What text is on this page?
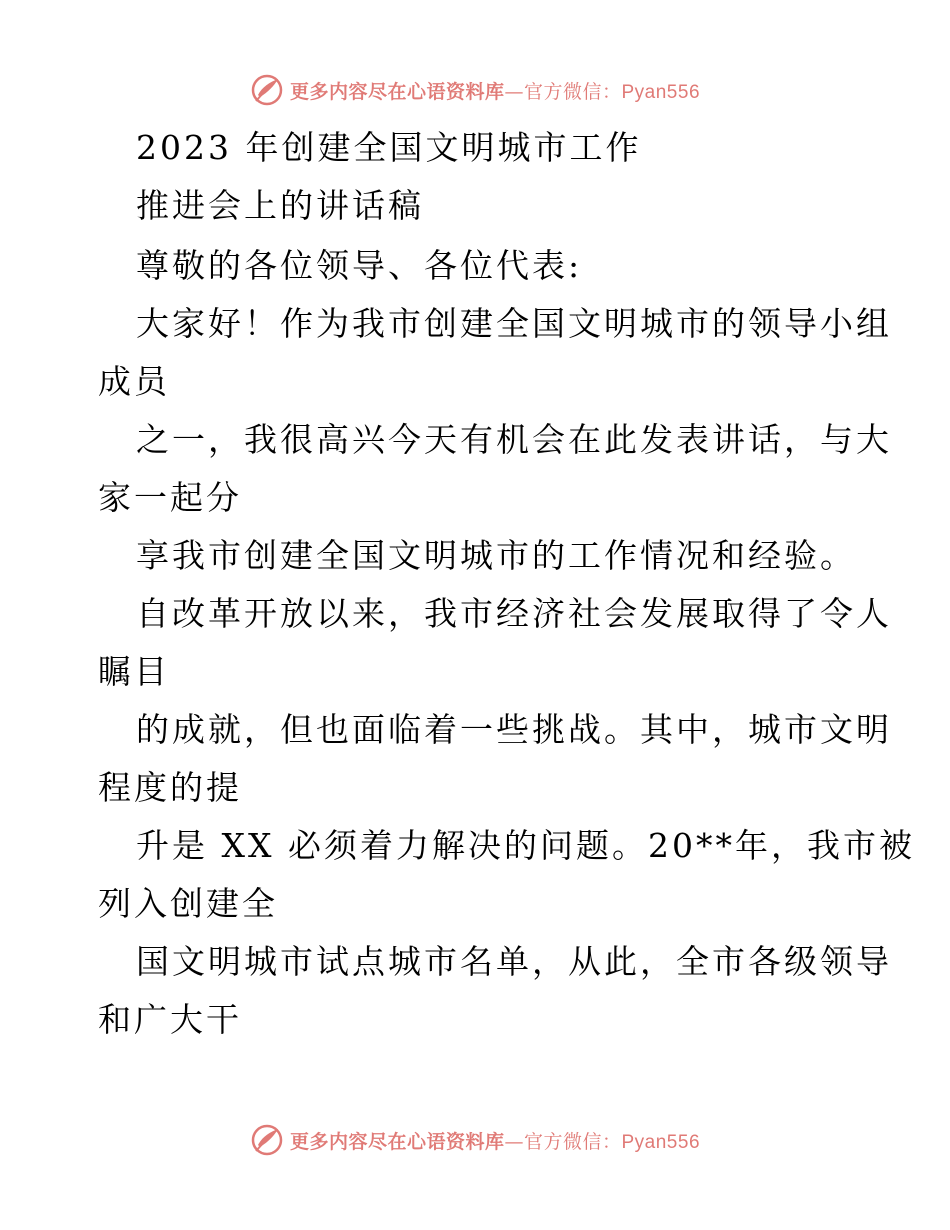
更多内容尽在心语资料库—官方微信：Pyan556
2023 年创建全国文明城市工作
推进会上的讲话稿
尊敬的各位领导、各位代表:
大家好！作为我市创建全国文明城市的领导小组
成员
之一，我很高兴今天有机会在此发表讲话，与大
家一起分
享我市创建全国文明城市的工作情况和经验。
自改革开放以来，我市经济社会发展取得了令人
瞩目
的成就，但也面临着一些挑战。其中，城市文明
程度的提
升是 XX 必须着力解决的问题。20**年，我市被
列入创建全
国文明城市试点城市名单，从此，全市各级领导
和广大干
更多内容尽在心语资料库—官方微信：Pyan556
